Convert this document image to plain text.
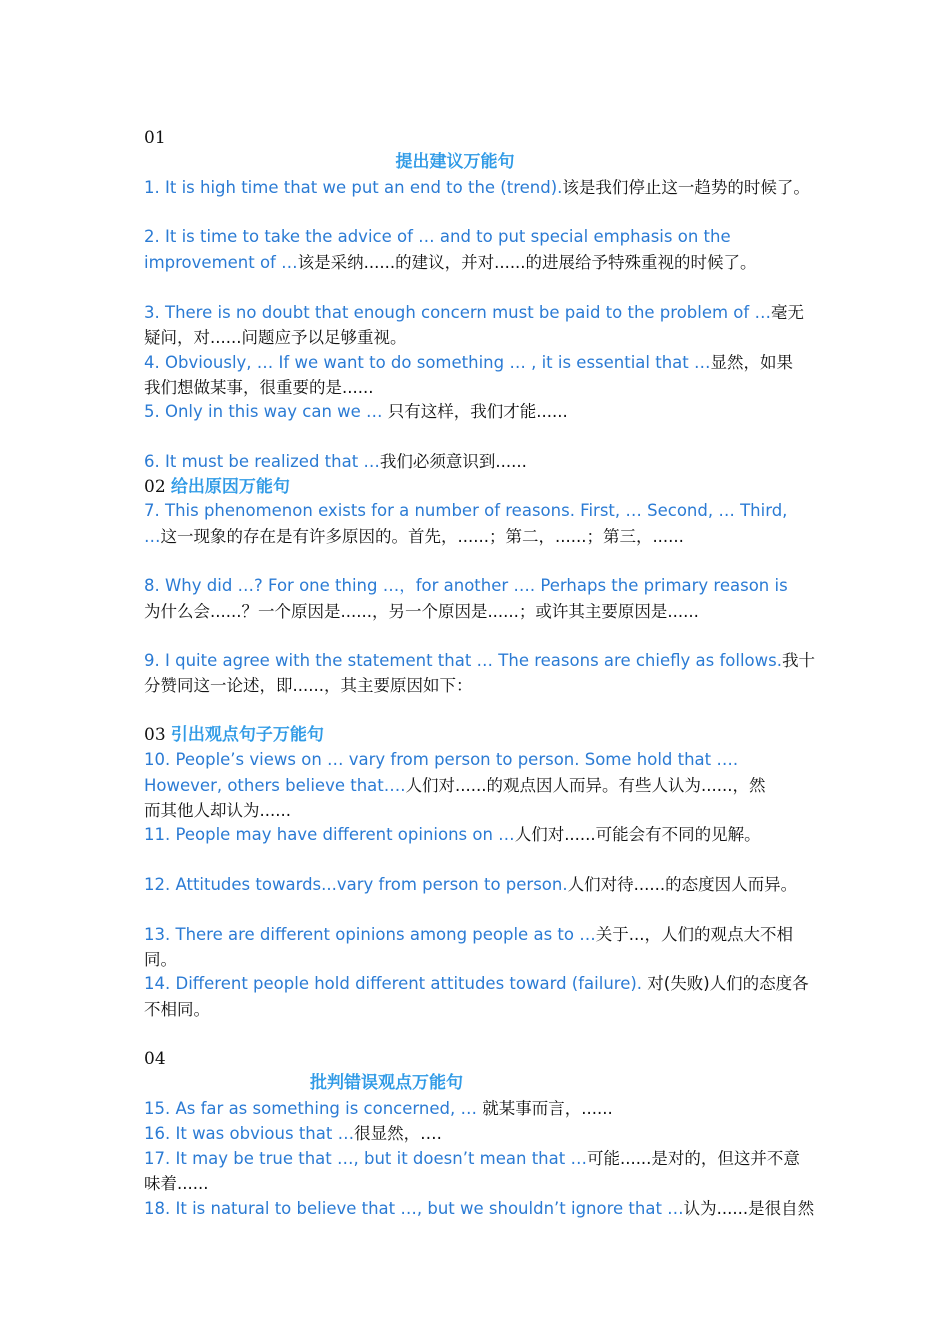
01
提出建议万能句
1. It is high time that we put an end to the (trend).该是我们停止这一趋势的时候了。
2. It is time to take the advice of … and to put special emphasis on the
improvement of …该是采纳......的建议，并对......的进展给予特殊重视的时候了。
3. There is no doubt that enough concern must be paid to the problem of …毫无
疑问，对......问题应予以足够重视。
4. Obviously, … If we want to do something … , it is essential that …显然，如果
我们想做某事，很重要的是......
5. Only in this way can we … 只有这样，我们才能......
6. It must be realized that …我们必须意识到......
02 给出原因万能句
7. This phenomenon exists for a number of reasons. First, … Second, … Third,
…这一现象的存在是有许多原因的。首先，......；第二，......；第三，......
8. Why did …? For one thing …，for another …. Perhaps the primary reason is
为什么会......？一个原因是......，另一个原因是......；或许其主要原因是......
9. I quite agree with the statement that … The reasons are chiefly as follows.我十
分赞同这一论述，即......，其主要原因如下：
03 引出观点句子万能句
10. People’s views on … vary from person to person. Some hold that ….
However, others believe that….人们对......的观点因人而异。有些人认为......，然
而其他人却认为......
11. People may have different opinions on …人们对......可能会有不同的见解。
12. Attitudes towards...vary from person to person.人们对待......的态度因人而异。
13. There are different opinions among people as to …关于...，人们的观点大不相
同。
14. Different people hold different attitudes toward (failure). 对(失败)人们的态度各
不相同。
04
批判错误观点万能句
15. As far as something is concerned, … 就某事而言，......
16. It was obvious that …很显然，….
17. It may be true that …, but it doesn’t mean that …可能......是对的，但这并不意
味着......
18. It is natural to believe that …, but we shouldn’t ignore that …认为......是很自然
